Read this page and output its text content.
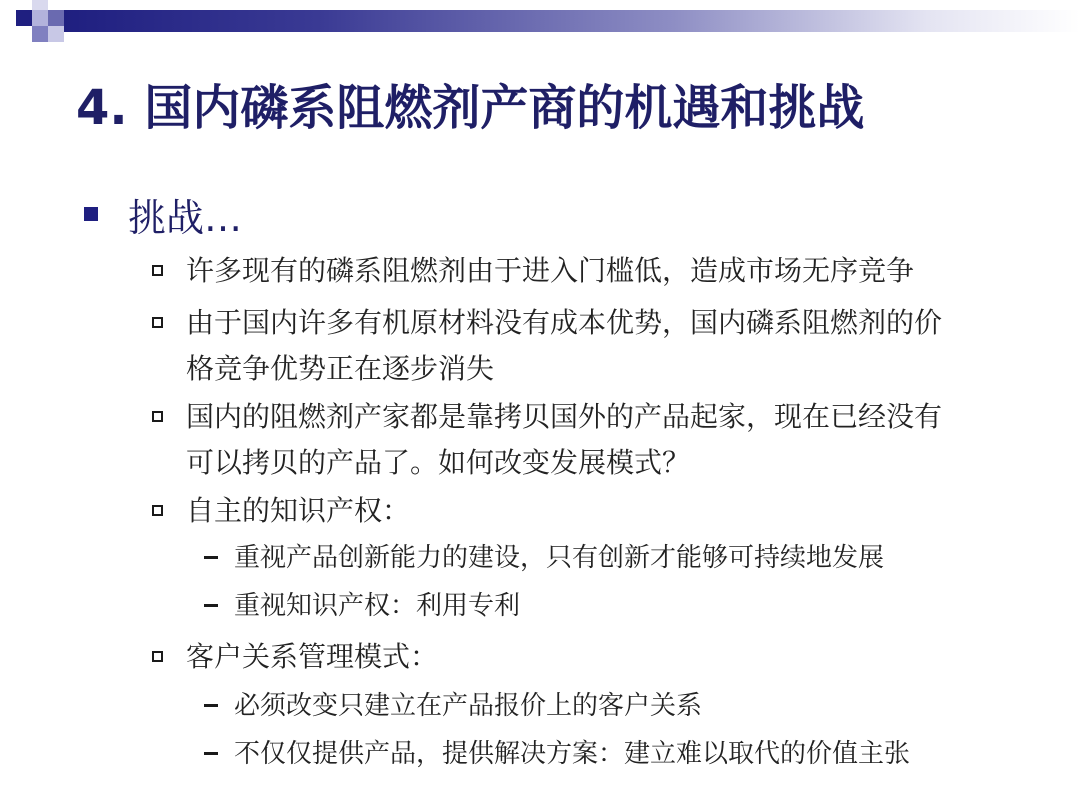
4. 国内磷系阻燃剂产商的机遇和挑战
挑战…
许多现有的磷系阻燃剂由于进入门槛低，造成市场无序竞争
由于国内许多有机原材料没有成本优势，国内磷系阻燃剂的价
格竞争优势正在逐步消失
国内的阻燃剂产家都是靠拷贝国外的产品起家，现在已经没有
可以拷贝的产品了。如何改变发展模式？
自主的知识产权：
重视产品创新能力的建设，只有创新才能够可持续地发展
重视知识产权：利用专利
客户关系管理模式：
必须改变只建立在产品报价上的客户关系
不仅仅提供产品，提供解决方案：建立难以取代的价值主张
